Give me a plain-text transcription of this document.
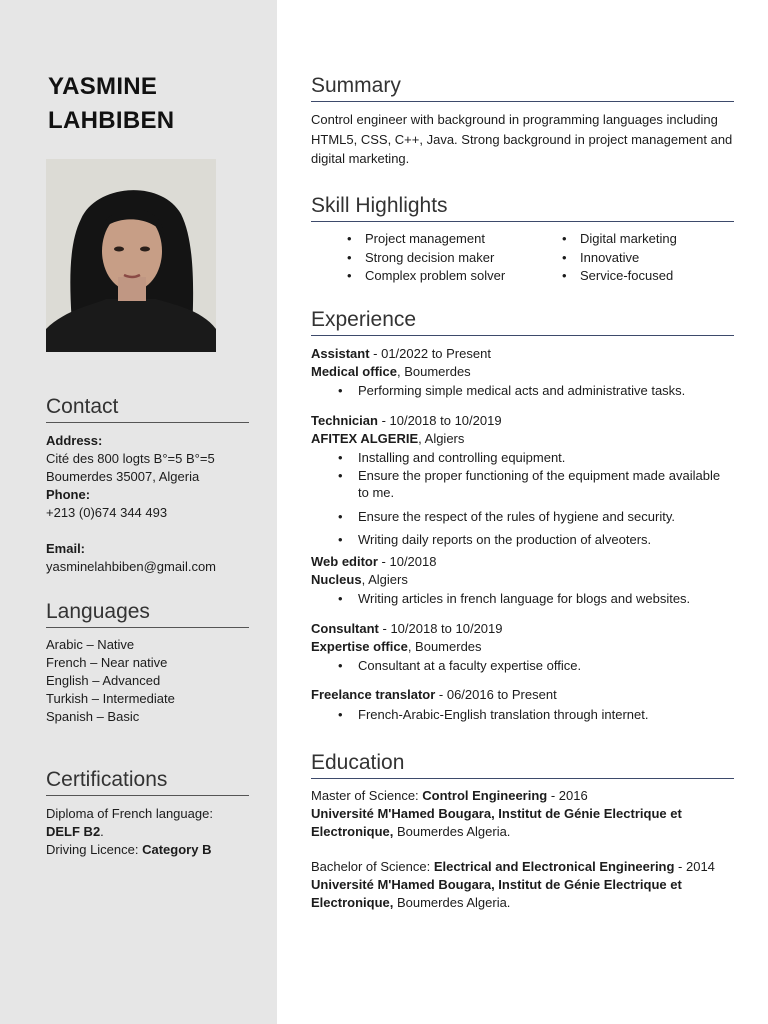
YASMINE
LAHBIBEN
Contact
Address:
Cité des 800 logts B°=5 B°=5
Boumerdes 35007, Algeria
Phone:
+213 (0)674 344 493
Email:
yasminelahbiben@gmail.com
Languages
Arabic – Native
French – Near native
English – Advanced
Turkish – Intermediate
Spanish – Basic
Certifications
Diploma of French language:
DELF B2.
Driving Licence: Category B
Summary
Control engineer with background in programming languages including HTML5, CSS, C++, Java. Strong background in project management and digital marketing.
Skill Highlights
• Project management
• Strong decision maker
• Complex problem solver
• Digital marketing
• Innovative
• Service-focused
Experience
Assistant - 01/2022 to Present
Medical office, Boumerdes
• Performing simple medical acts and administrative tasks.
Technician - 10/2018 to 10/2019
AFITEX ALGERIE, Algiers
• Installing and controlling equipment.
• Ensure the proper functioning of the equipment made available to me.
• Ensure the respect of the rules of hygiene and security.
• Writing daily reports on the production of alveoters.
Web editor - 10/2018
Nucleus, Algiers
• Writing articles in french language for blogs and websites.
Consultant - 10/2018 to 10/2019
Expertise office, Boumerdes
• Consultant at a faculty expertise office.
Freelance translator - 06/2016 to Present
• French-Arabic-English translation through internet.
Education
Master of Science: Control Engineering - 2016
Université M'Hamed Bougara, Institut de Génie Electrique et
Electronique, Boumerdes Algeria.
Bachelor of Science: Electrical and Electronical Engineering - 2014
Université M'Hamed Bougara, Institut de Génie Electrique et
Electronique, Boumerdes Algeria.
